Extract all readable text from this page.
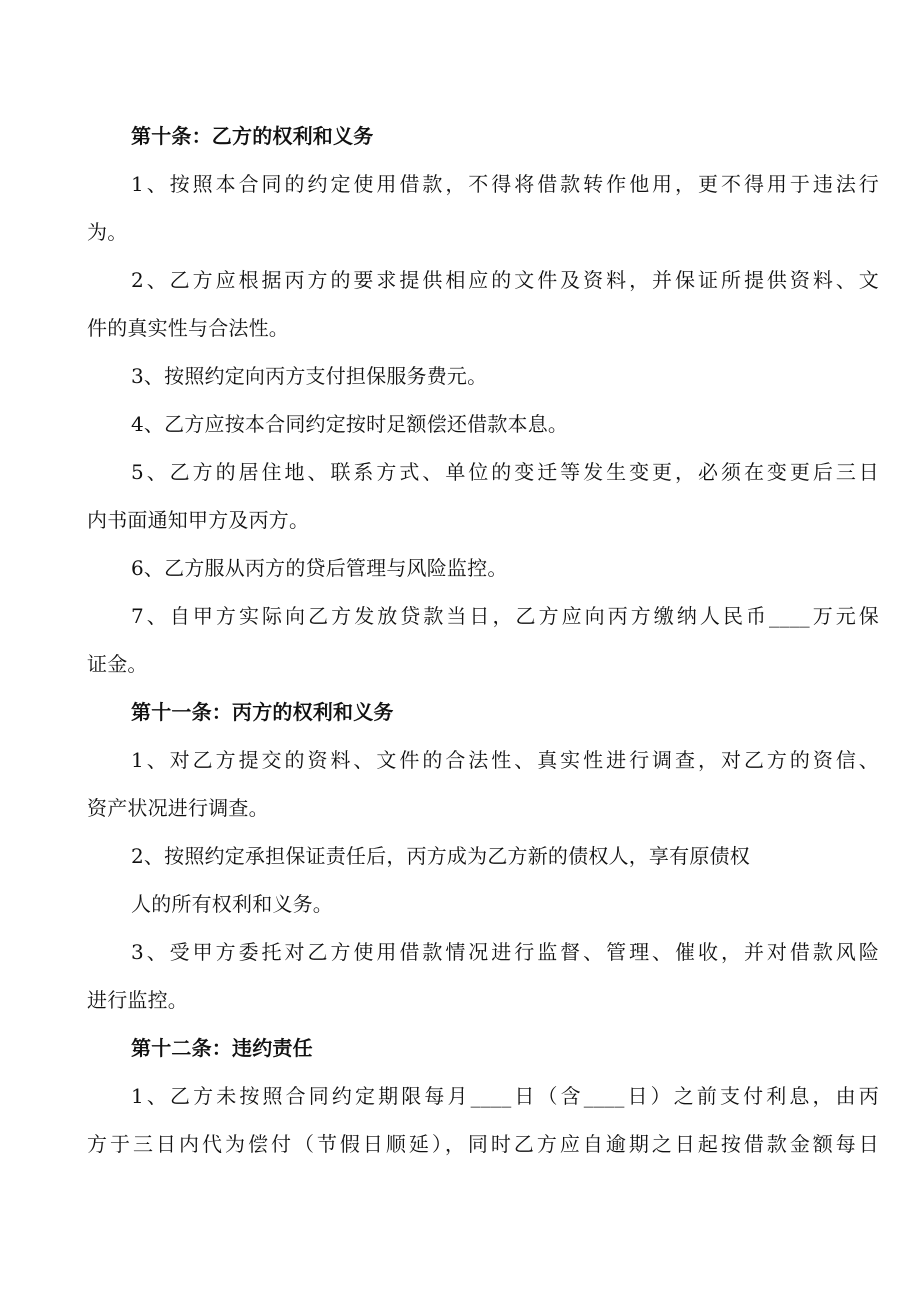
第十条：乙方的权利和义务
1、按照本合同的约定使用借款，不得将借款转作他用，更不得用于违法行
为。
2、乙方应根据丙方的要求提供相应的文件及资料，并保证所提供资料、文
件的真实性与合法性。
3、按照约定向丙方支付担保服务费元。
4、乙方应按本合同约定按时足额偿还借款本息。
5、乙方的居住地、联系方式、单位的变迁等发生变更，必须在变更后三日
内书面通知甲方及丙方。
6、乙方服从丙方的贷后管理与风险监控。
7、自甲方实际向乙方发放贷款当日，乙方应向丙方缴纳人民币____万元保
证金。
第十一条：丙方的权利和义务
1、对乙方提交的资料、文件的合法性、真实性进行调查，对乙方的资信、
资产状况进行调查。
2、按照约定承担保证责任后，丙方成为乙方新的债权人，享有原债权
人的所有权利和义务。
3、受甲方委托对乙方使用借款情况进行监督、管理、催收，并对借款风险
进行监控。
第十二条：违约责任
1、乙方未按照合同约定期限每月____日（含____日）之前支付利息，由丙
方于三日内代为偿付（节假日顺延），同时乙方应自逾期之日起按借款金额每日
